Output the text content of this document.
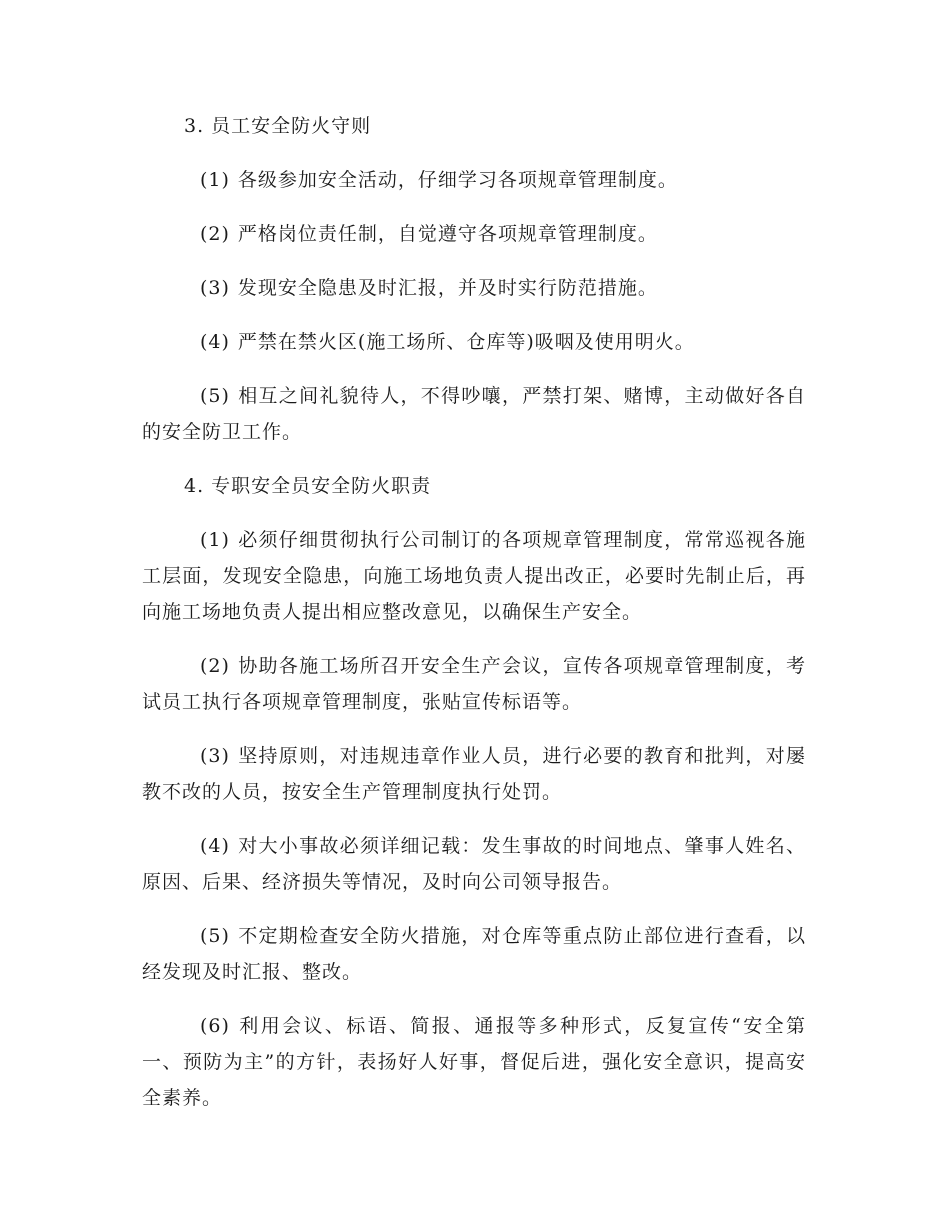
3. 员工安全防火守则

(1) 各级参加安全活动，仔细学习各项规章管理制度。

(2) 严格岗位责任制，自觉遵守各项规章管理制度。

(3) 发现安全隐患及时汇报，并及时实行防范措施。

(4) 严禁在禁火区(施工场所、仓库等)吸咽及使用明火。

(5) 相互之间礼貌待人，不得吵嚷，严禁打架、赌博，主动做好各自的安全防卫工作。

4. 专职安全员安全防火职责

(1) 必须仔细贯彻执行公司制订的各项规章管理制度，常常巡视各施工层面，发现安全隐患，向施工场地负责人提出改正，必要时先制止后，再向施工场地负责人提出相应整改意见，以确保生产安全。

(2) 协助各施工场所召开安全生产会议，宣传各项规章管理制度，考试员工执行各项规章管理制度，张贴宣传标语等。

(3) 坚持原则，对违规违章作业人员，进行必要的教育和批判，对屡教不改的人员，按安全生产管理制度执行处罚。

(4) 对大小事故必须详细记载：发生事故的时间地点、肇事人姓名、原因、后果、经济损失等情况，及时向公司领导报告。

(5) 不定期检查安全防火措施，对仓库等重点防止部位进行查看，以经发现及时汇报、整改。

(6) 利用会议、标语、简报、通报等多种形式，反复宣传“安全第一、预防为主”的方针，表扬好人好事，督促后进，强化安全意识，提高安全素养。
